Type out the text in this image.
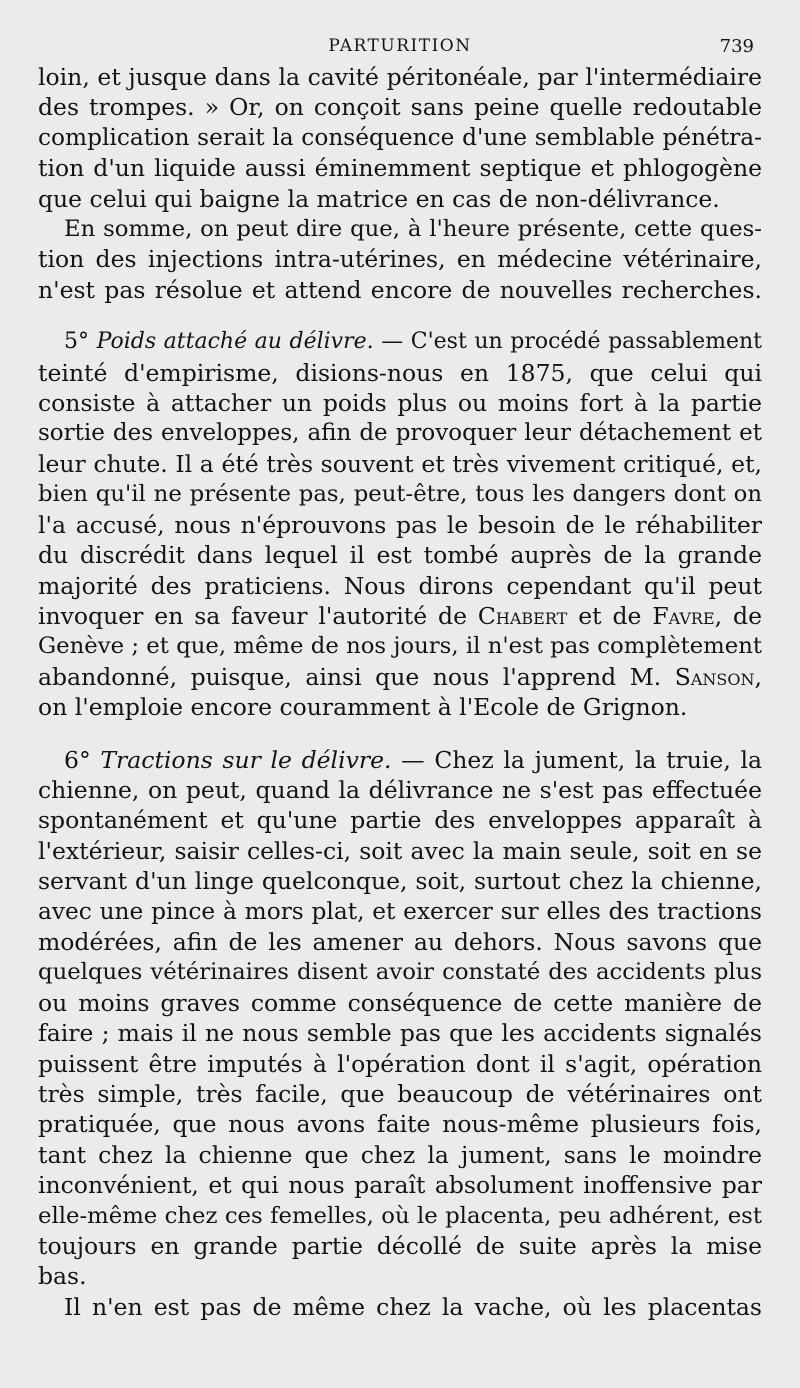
PARTURITION	739
loin, et jusque dans la cavité péritonéale, par l'intermédiaire
des trompes. » Or, on conçoit sans peine quelle redoutable
complication serait la conséquence d'une semblable pénétra-
tion d'un liquide aussi éminemment septique et phlogogène
que celui qui baigne la matrice en cas de non-délivrance.
En somme, on peut dire que, à l'heure présente, cette ques-
tion des injections intra-utérines, en médecine vétérinaire,
n'est pas résolue et attend encore de nouvelles recherches.
5° Poids attaché au délivre. — C'est un procédé passablement
teinté d'empirisme, disions-nous en 1875, que celui qui
consiste à attacher un poids plus ou moins fort à la partie
sortie des enveloppes, afin de provoquer leur détachement et
leur chute. Il a été très souvent et très vivement critiqué, et,
bien qu'il ne présente pas, peut-être, tous les dangers dont on
l'a accusé, nous n'éprouvons pas le besoin de le réhabiliter
du discrédit dans lequel il est tombé auprès de la grande
majorité des praticiens. Nous dirons cependant qu'il peut
invoquer en sa faveur l'autorité de Chabert et de Favre, de
Genève ; et que, même de nos jours, il n'est pas complètement
abandonné, puisque, ainsi que nous l'apprend M. Sanson,
on l'emploie encore couramment à l'Ecole de Grignon.
6° Tractions sur le délivre. — Chez la jument, la truie, la
chienne, on peut, quand la délivrance ne s'est pas effectuée
spontanément et qu'une partie des enveloppes apparaît à
l'extérieur, saisir celles-ci, soit avec la main seule, soit en se
servant d'un linge quelconque, soit, surtout chez la chienne,
avec une pince à mors plat, et exercer sur elles des tractions
modérées, afin de les amener au dehors. Nous savons que
quelques vétérinaires disent avoir constaté des accidents plus
ou moins graves comme conséquence de cette manière de
faire ; mais il ne nous semble pas que les accidents signalés
puissent être imputés à l'opération dont il s'agit, opération
très simple, très facile, que beaucoup de vétérinaires ont
pratiquée, que nous avons faite nous-même plusieurs fois,
tant chez la chienne que chez la jument, sans le moindre
inconvénient, et qui nous paraît absolument inoffensive par
elle-même chez ces femelles, où le placenta, peu adhérent, est
toujours en grande partie décollé de suite après la mise
bas.
Il n'en est pas de même chez la vache, où les placentas
